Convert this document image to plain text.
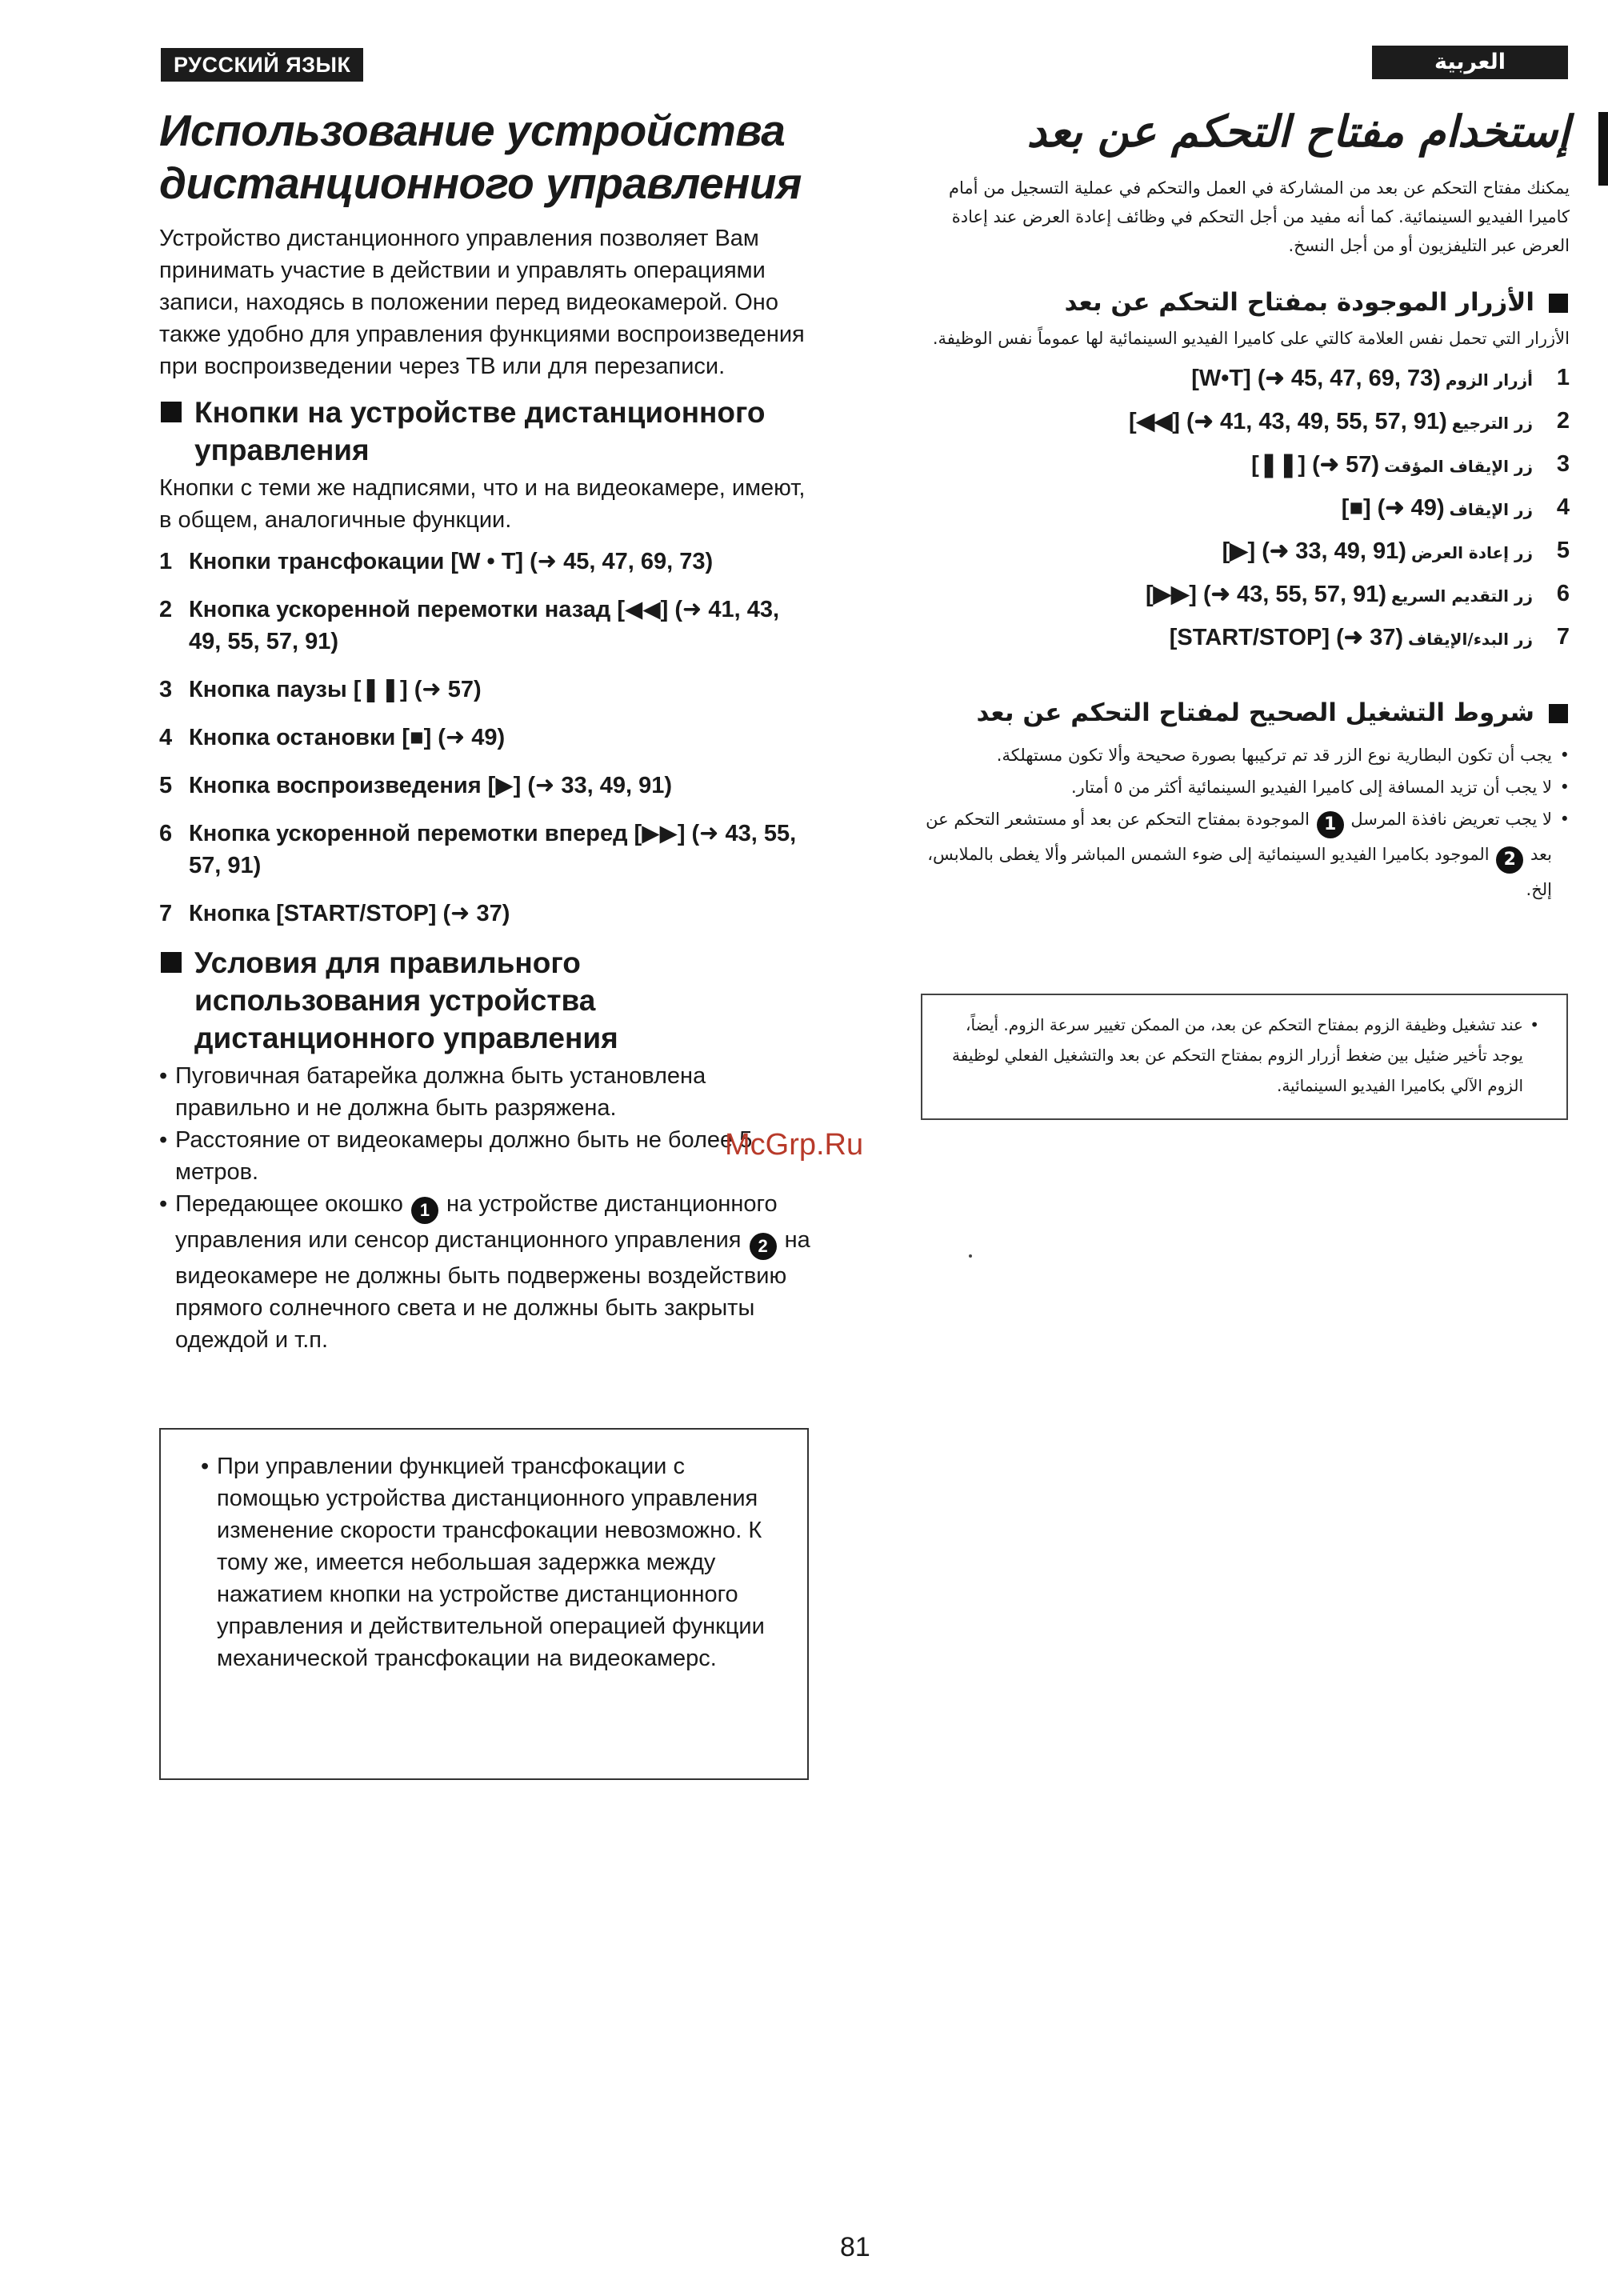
РУССКИЙ ЯЗЫК	العربية
Использование устройства дистанционного управления

Устройство дистанционного управления позволяет Вам принимать участие в действии и управлять операциями записи, находясь в положении перед видеокамерой. Оно также удобно для управления функциями воспроизведения при воспроизведении через ТВ или для перезаписи.

Кнопки на устройстве дистанционного управления

Кнопки с теми же надписями, что и на видеокамере, имеют, в общем, аналогичные функции.

1 Кнопки трансфокации [W • T] (➜ 45, 47, 69, 73)
2 Кнопка ускоренной перемотки назад [◀◀] (➜ 41, 43, 49, 55, 57, 91)
3 Кнопка паузы [❚❚] (➜ 57)
4 Кнопка остановки [■] (➜ 49)
5 Кнопка воспроизведения [▶] (➜ 33, 49, 91)
6 Кнопка ускоренной перемотки вперед [▶▶] (➜ 43, 55, 57, 91)
7 Кнопка [START/STOP] (➜ 37)
Условия для правильного использования устройства дистанционного управления
• Пуговичная батарейка должна быть установлена правильно и не должна быть разряжена.
• Расстояние от видеокамеры должно быть не более 5 метров.
• Передающее окошко 1 на устройстве дистанционного управления или сенсор дистанционного управления 2 на видеокамере не должны быть подвержены воздействию прямого солнечного света и не должны быть закрыты одеждой и т.п.

• При управлении функцией трансфокации с помощью устройства дистанционного управления изменение скорости трансфокации невозможно. К тому же, имеется небольшая задержка между нажатием кнопки на устройстве дистанционного управления и действительной операцией функции механической трансфокации на видеокамерс.

إستخدام مفتاح التحكم عن بعد

يمكنك مفتاح التحكم عن بعد من المشاركة في العمل والتحكم في عملية التسجيل من أمام كاميرا الفيديو السينمائية. كما أنه مفيد من أجل التحكم في وظائف إعادة العرض عند إعادة العرض عبر التليفزيون أو من أجل النسخ.

الأزرار الموجودة بمفتاح التحكم عن بعد

الأزرار التي تحمل نفس العلامة كالتي على كاميرا الفيديو السينمائية لها عموماً نفس الوظيفة.

1
أزرار الزوم[W•T] (➜ 45, 47, 69, 73)
2
زر الترجيع[◀◀] (➜ 41, 43, 49, 55, 57, 91)
3
زر الإيقاف المؤقت[❚❚] (➜ 57)
4
زر الإيقاف[■] (➜ 49)
5
زر إعادة العرض[▶] (➜ 33, 49, 91)
6
زر التقديم السريع[▶▶] (➜ 43, 55, 57, 91)
7
زر البدء/الإيقاف[START/STOP] (➜ 37)
شروط التشغيل الصحيح لمفتاح التحكم عن بعد
• يجب أن تكون البطارية نوع الزر قد تم تركيبها بصورة صحيحة وألا تكون مستهلكة.
• لا يجب أن تزيد المسافة إلى كاميرا الفيديو السينمائية أكثر من ٥ أمتار.
• لا يجب تعريض نافذة المرسل 1 الموجودة بمفتاح التحكم عن بعد أو مستشعر التحكم عن بعد 2 الموجود بكاميرا الفيديو السينمائية إلى ضوء الشمس المباشر وألا يغطى بالملابس، إلخ.

• عند تشغيل وظيفة الزوم بمفتاح التحكم عن بعد، من الممكن تغيير سرعة الزوم. أيضاً، يوجد تأخير ضئيل بين ضغط أزرار الزوم بمفتاح التحكم عن بعد والتشغيل الفعلي لوظيفة الزوم الآلي بكاميرا الفيديو السينمائية.

McGrp.Ru
81
